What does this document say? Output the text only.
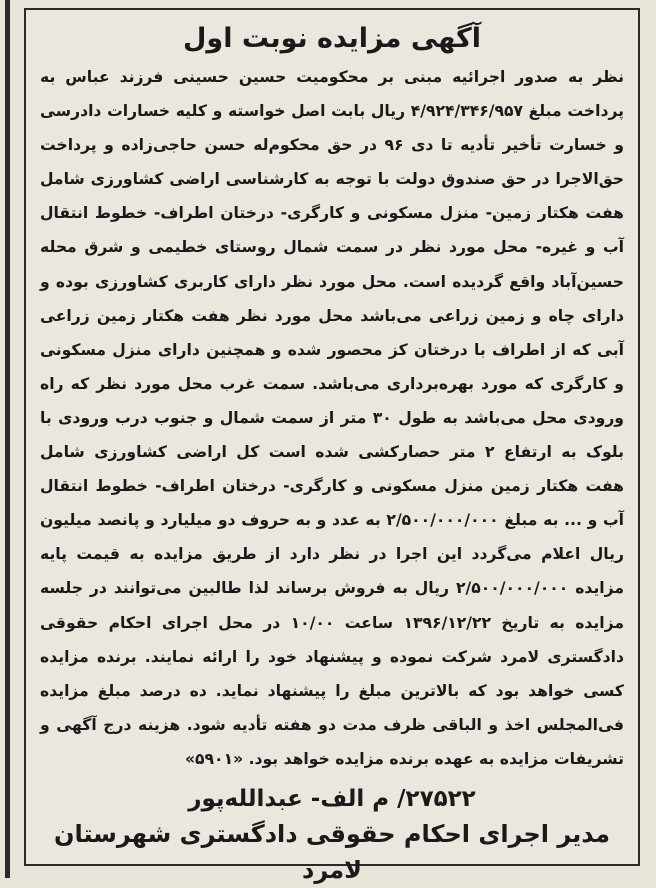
آگهی مزایده نوبت اول

نظر به صدور اجرائیه مبنی بر محکومیت حسین حسینی فرزند عباس به پرداخت مبلغ ۴/۹۲۴/۳۴۶/۹۵۷ ریال بابت اصل خواسته و کلیه خسارات دادرسی و خسارت تأخیر تأدیه تا دی ۹۶ در حق محکوم‌له حسن حاجی‌زاده و پرداخت حق‌الاجرا در حق صندوق دولت با توجه به کارشناسی اراضی کشاورزی شامل هفت هکتار زمین- منزل مسکونی و کارگری- درختان اطراف- خطوط انتقال آب و غیره- محل مورد نظر در سمت شمال روستای خطیمی و شرق محله حسین‌آباد واقع گردیده است. محل مورد نظر دارای کاربری کشاورزی بوده و دارای چاه و زمین زراعی می‌باشد محل مورد نظر هفت هکتار زمین زراعی آبی که از اطراف با درختان کز محصور شده و همچنین دارای منزل مسکونی و کارگری که مورد بهره‌برداری می‌باشد. سمت غرب محل مورد نظر که راه ورودی محل می‌باشد به طول ۳۰ متر از سمت شمال و جنوب درب ورودی با بلوک به ارتفاع ۲ متر حصارکشی شده است کل اراضی کشاورزی شامل هفت هکتار زمین منزل مسکونی و کارگری- درختان اطراف- خطوط انتقال آب و ... به مبلغ ۲/۵۰۰/۰۰۰/۰۰۰ به عدد و به حروف دو میلیارد و پانصد میلیون ریال اعلام می‌گردد این اجرا در نظر دارد از طریق مزایده به قیمت پایه مزایده ۲/۵۰۰/۰۰۰/۰۰۰ ریال به فروش برساند لذا طالبین می‌توانند در جلسه مزایده به تاریخ ۱۳۹۶/۱۲/۲۲ ساعت ۱۰/۰۰ در محل اجرای احکام حقوقی دادگستری لامرد شرکت نموده و پیشنهاد خود را ارائه نمایند. برنده مزایده کسی خواهد بود که بالاترین مبلغ را پیشنهاد نماید. ده درصد مبلغ مزایده فی‌المجلس اخذ و الباقی ظرف مدت دو هفته تأدیه شود. هزینه درج آگهی و تشریفات مزایده به عهده برنده مزایده خواهد بود. «۵۹۰۱»

۲۷۵۲۲/ م الف- عبدالله‌پور
مدیر اجرای احکام حقوقی دادگستری شهرستان لامرد
